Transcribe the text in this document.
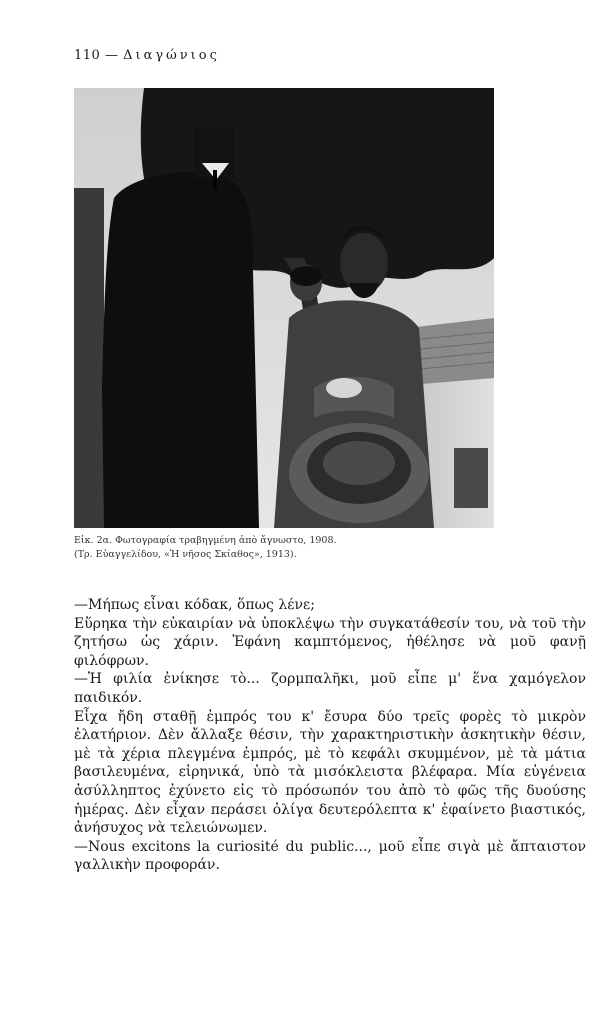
110 — Διαγώνιος
Εἰκ. 2α. Φωτογραφία τραβηγμένη ἀπὸ ἄγνωστο, 1908.
(Τρ. Εὐαγγελίδου, «Ἡ νῆσος Σκίαθος», 1913).

—Μήπως εἶναι κόδακ, ὅπως λένε;

Εὕρηκα τὴν εὐκαιρίαν νὰ ὑποκλέψω τὴν συγκατάθεσίν του, νὰ τοῦ τὴν ζητήσω ὡς χάριν. Ἐφάνη καμπτόμενος, ἠθέλησε νὰ μοῦ φανῇ φιλόφρων.

—Ἡ φιλία ἐνίκησε τὸ... ζορμπαλῆκι, μοῦ εἶπε μ' ἕνα χαμόγελον παιδικόν.

Εἶχα ἤδη σταθῇ ἐμπρός του κ' ἔσυρα δύο τρεῖς φορὲς τὸ μικρὸν ἐλατήριον. Δὲν ἄλλαξε θέσιν, τὴν χαρακτηριστικὴν ἀσκητικὴν θέσιν, μὲ τὰ χέρια πλεγμένα ἐμπρός, μὲ τὸ κεφάλι σκυμμένον, μὲ τὰ μάτια βασιλευμένα, εἰρηνικά, ὑπὸ τὰ μισόκλειστα βλέφαρα. Μία εὐγένεια ἀσύλληπτος ἐχύνετο εἰς τὸ πρόσωπόν του ἀπὸ τὸ φῶς τῆς δυούσης ἡμέρας. Δὲν εἶχαν περάσει ὀλίγα δευτερόλεπτα κ' ἐφαίνετο βιαστικός, ἀνήσυχος νὰ τελειώνωμεν.

—Nous excitons la curiosité du public..., μοῦ εἶπε σιγὰ μὲ ἄπταιστον γαλλικὴν προφοράν.
